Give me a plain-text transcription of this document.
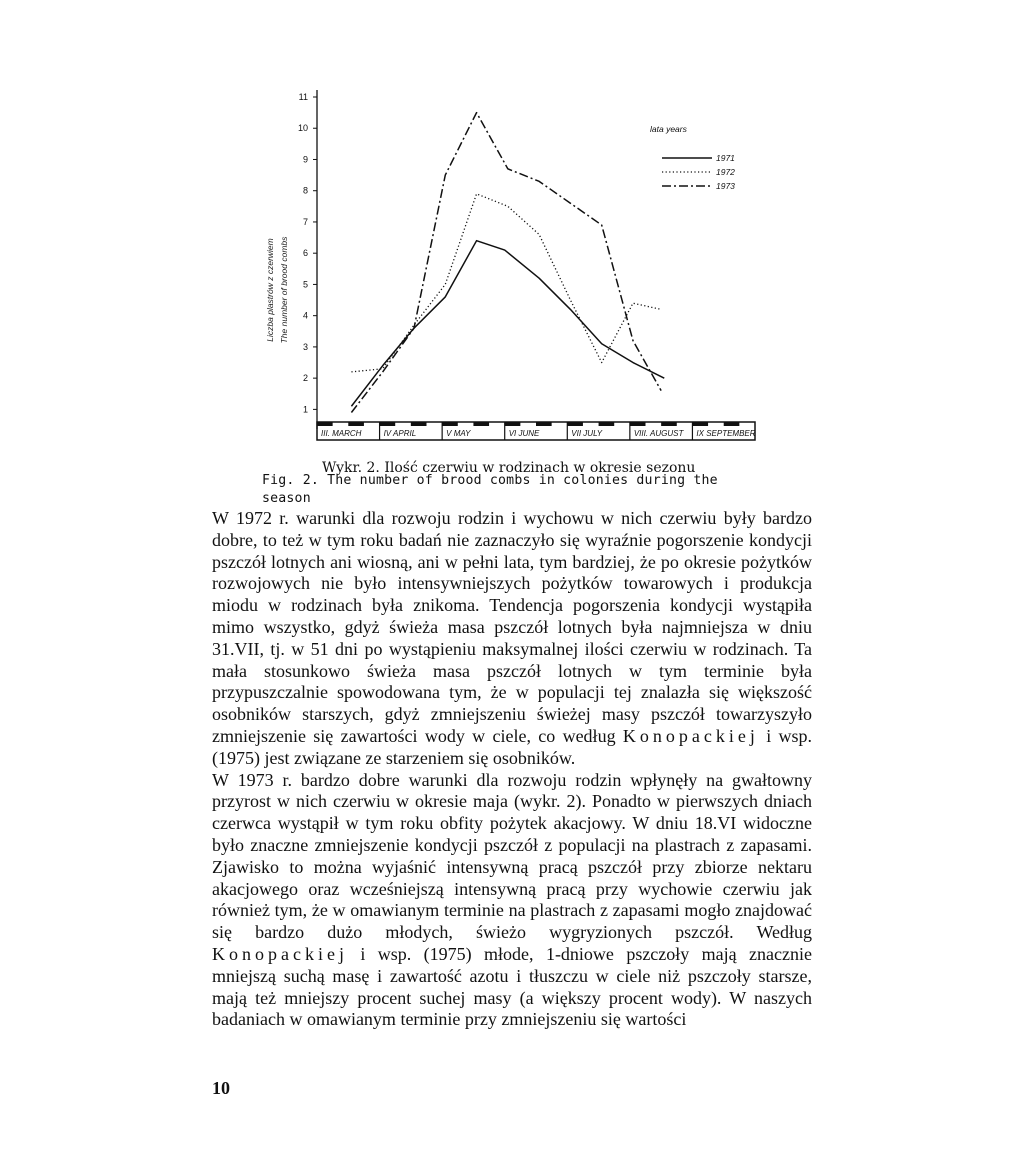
1
2
3
4
5
6
7
8
9
10
11
Liczba plastrów z czerwiem The number of brood combs
III. MARCH	IV APRIL	V MAY	VI JUNE	VII JULY	VIII. AUGUST IX SEPTEMBER
lata years
1971
1972
1973
Wykr. 2. Ilość czerwiu w rodzinach w okresie sezonu
Fig. 2. The number of brood combs in colonies during the season

W 1972 r. warunki dla rozwoju rodzin i wychowu w nich czerwiu były bardzo dobre, to też w tym roku badań nie zaznaczyło się wyraźnie pogorszenie kondycji pszczół lotnych ani wiosną, ani w pełni lata, tym bardziej, że po okresie pożytków rozwojowych nie było intensywniejszych pożytków towarowych i produkcja miodu w rodzinach była znikoma. Tendencja pogorszenia kondycji wystąpiła mimo wszystko, gdyż świeża masa pszczół lotnych była najmniejsza w dniu 31.VII, tj. w 51 dni po wystąpieniu maksymalnej ilości czerwiu w rodzinach. Ta mała stosunkowo świeża masa pszczół lotnych w tym terminie była przypuszczalnie spowodowana tym, że w populacji tej znalazła się większość osobników starszych, gdyż zmniejszeniu świeżej masy pszczół towarzyszyło zmniejszenie się zawartości wody w ciele, co według Konopackiej i wsp. (1975) jest związane ze starzeniem się osobników.

W 1973 r. bardzo dobre warunki dla rozwoju rodzin wpłynęły na gwałtowny przyrost w nich czerwiu w okresie maja (wykr. 2). Ponadto w pierwszych dniach czerwca wystąpił w tym roku obfity pożytek akacjowy. W dniu 18.VI widoczne było znaczne zmniejszenie kondycji pszczół z populacji na plastrach z zapasami. Zjawisko to można wyjaśnić intensywną pracą pszczół przy zbiorze nektaru akacjowego oraz wcześniejszą intensywną pracą przy wychowie czerwiu jak również tym, że w omawianym terminie na plastrach z zapasami mogło znajdować się bardzo dużo młodych, świeżo wygryzionych pszczół. Według Konopackiej i wsp. (1975) młode, 1-dniowe pszczoły mają znacznie mniejszą suchą masę i zawartość azotu i tłuszczu w ciele niż pszczoły starsze, mają też mniejszy procent suchej masy (a większy procent wody). W naszych badaniach w omawianym terminie przy zmniejszeniu się wartości

10
